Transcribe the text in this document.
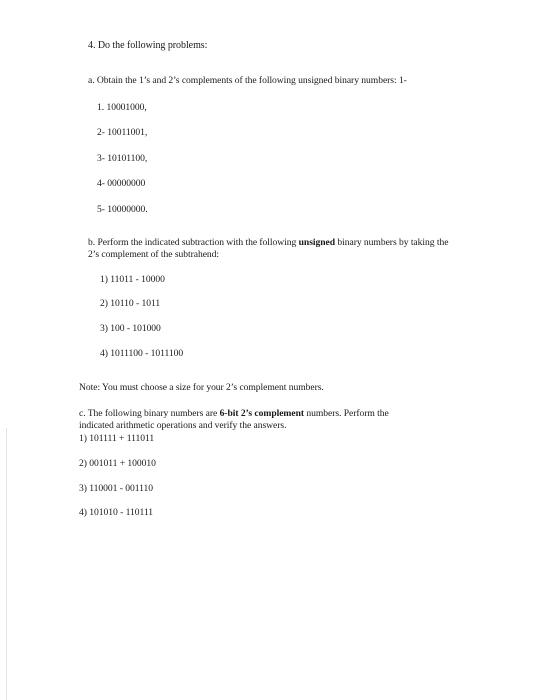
4. Do the following problems:
a. Obtain the 1’s and 2’s complements of the following unsigned binary numbers: 1-
1. 10001000,
2- 10011001,
3- 10101100,
4- 00000000
5- 10000000.
b. Perform the indicated subtraction with the following unsigned binary numbers by taking the
2’s complement of the subtrahend:
1) 11011 - 10000
2) 10110 - 1011
3) 100 - 101000
4) 1011100 - 1011100
Note: You must choose a size for your 2’s complement numbers.
c. The following binary numbers are 6-bit 2’s complement numbers. Perform the
indicated arithmetic operations and verify the answers.
1) 101111 + 111011
2) 001011 + 100010
3) 110001 - 001110
4) 101010 - 110111
